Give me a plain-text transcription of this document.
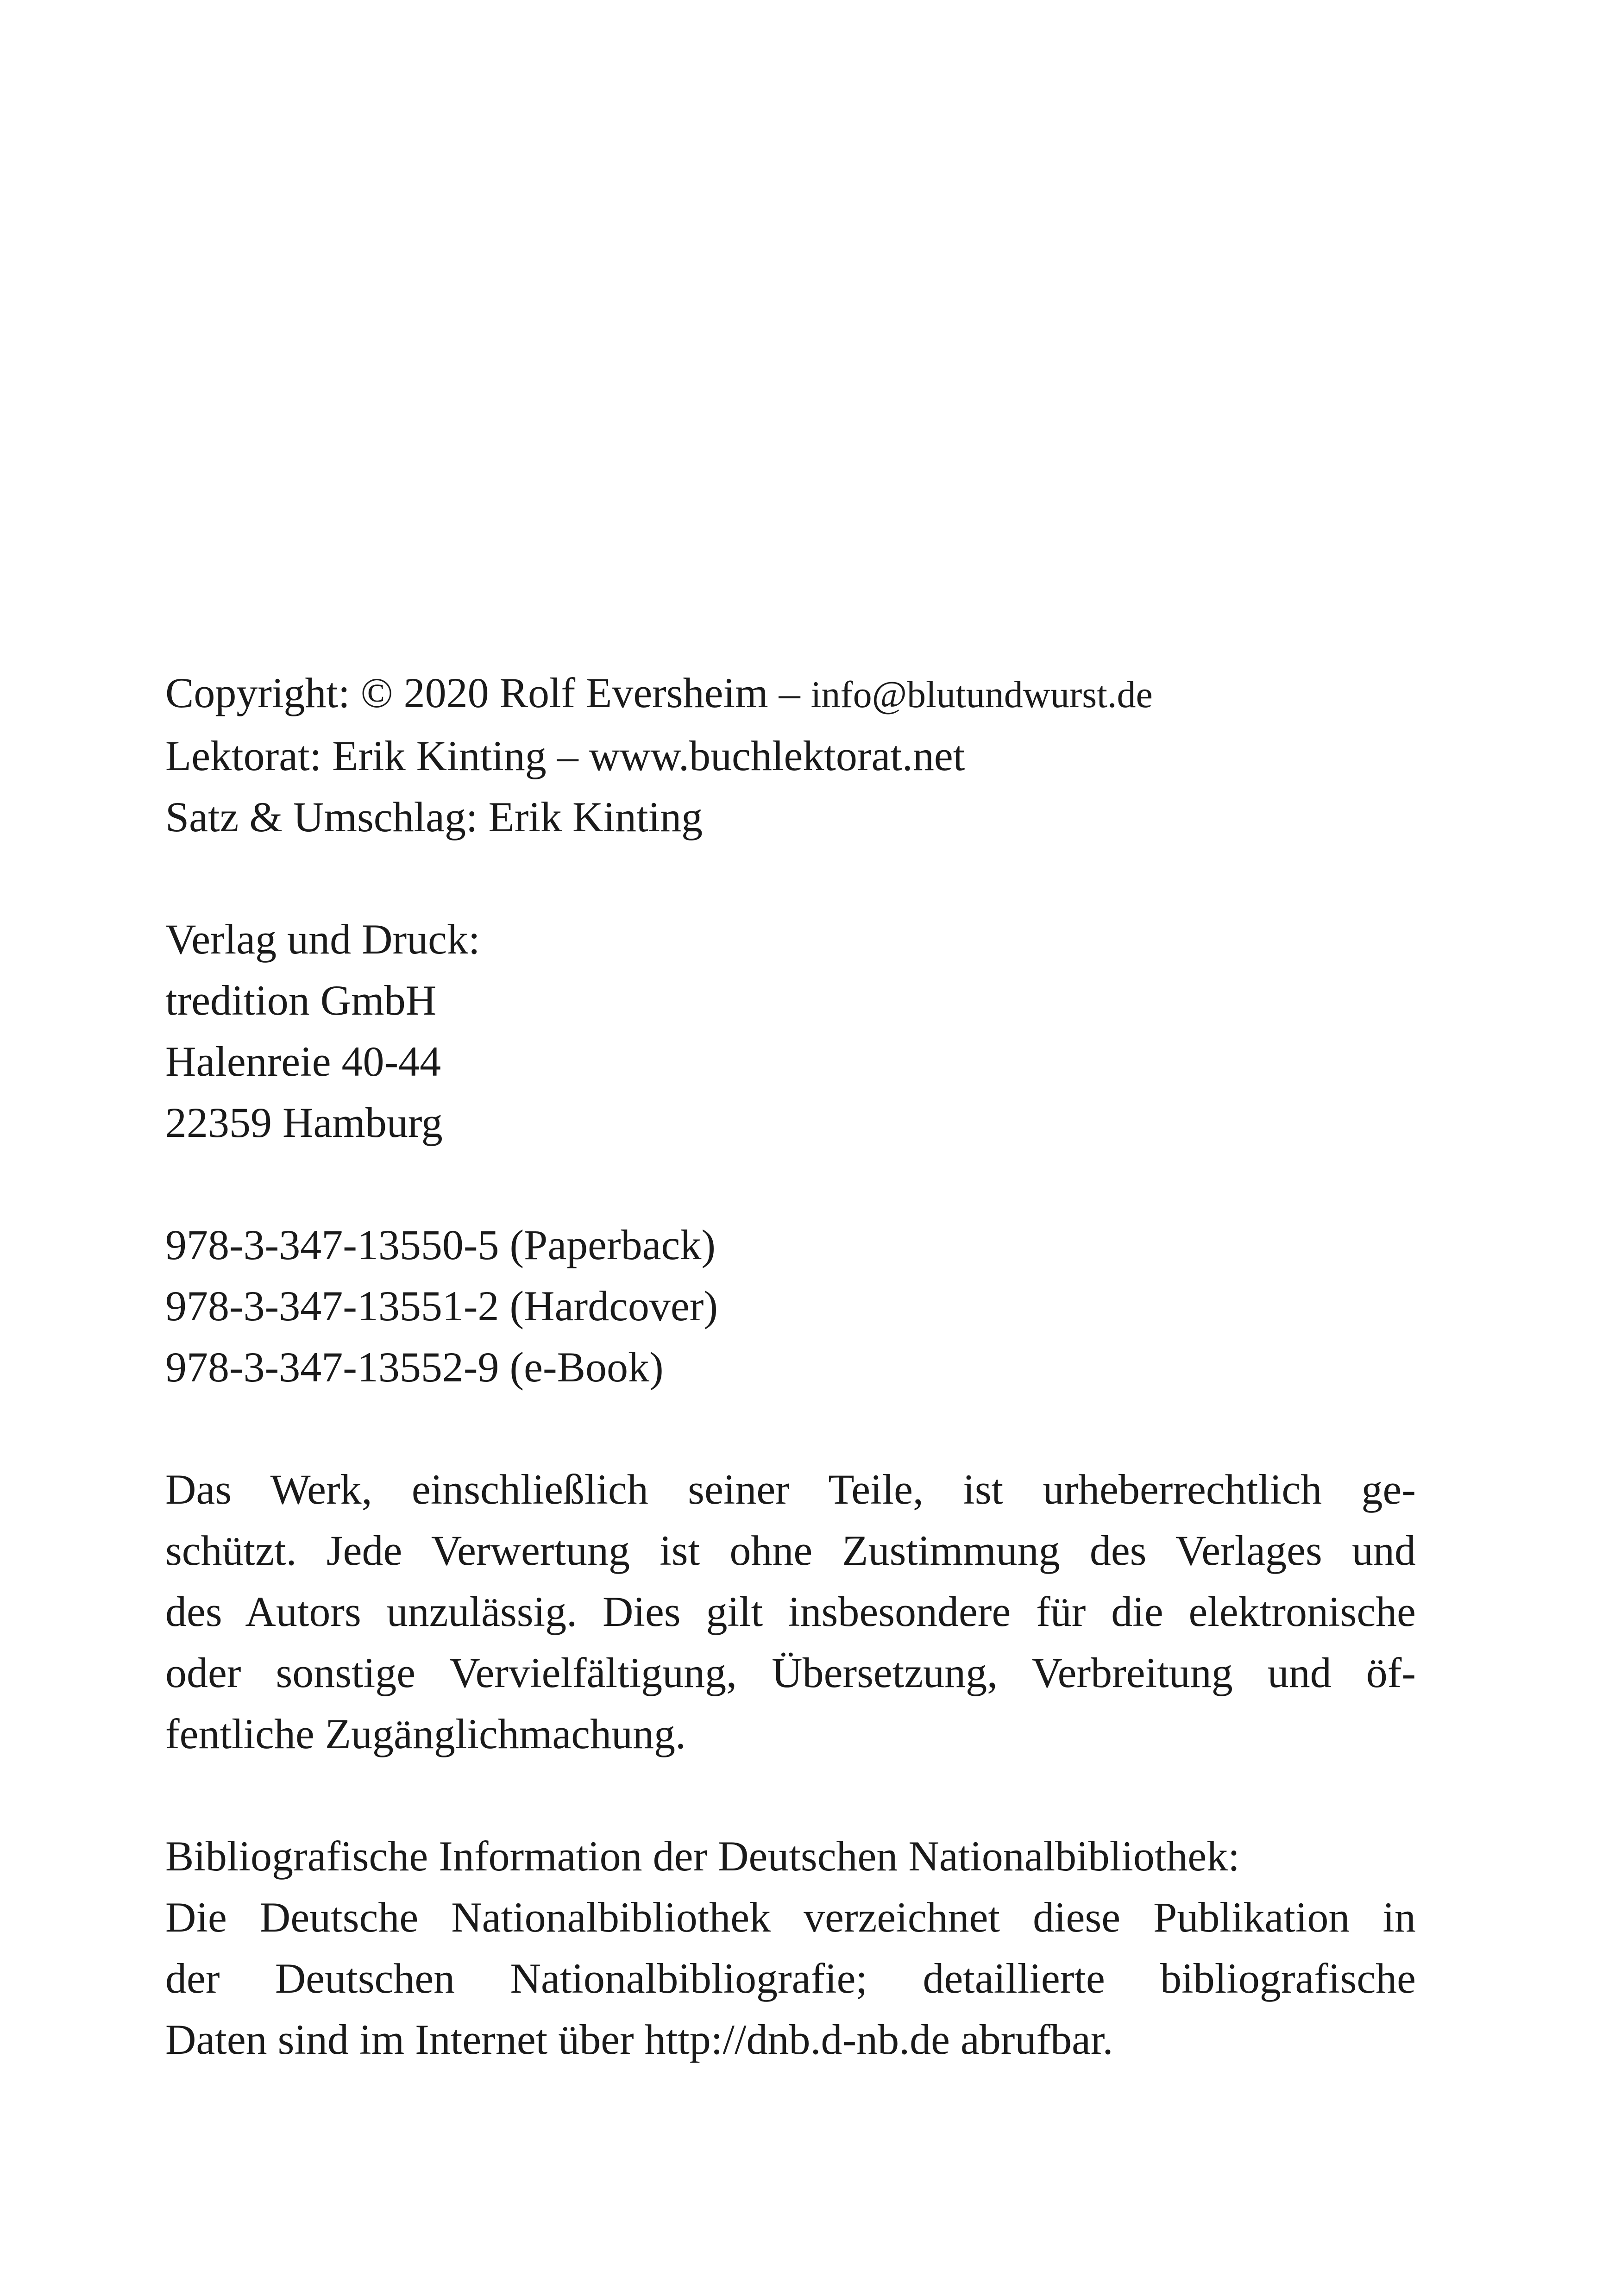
Copyright: © 2020 Rolf Eversheim – info@blutundwurst.de
Lektorat: Erik Kinting – www.buchlektorat.net
Satz & Umschlag: Erik Kinting
Verlag und Druck:
tredition GmbH
Halenreie 40-44
22359 Hamburg
978-3-347-13550-5 (Paperback)
978-3-347-13551-2 (Hardcover)
978-3-347-13552-9 (e-Book)
Das Werk, einschließlich seiner Teile, ist urheberrechtlich ge-
schützt. Jede Verwertung ist ohne Zustimmung des Verlages und
des Autors unzulässig. Dies gilt insbesondere für die elektronische
oder sonstige Vervielfältigung, Übersetzung, Verbreitung und öf-
fentliche Zugänglichmachung.
Bibliografische Information der Deutschen Nationalbibliothek:
Die Deutsche Nationalbibliothek verzeichnet diese Publikation in
der Deutschen Nationalbibliografie; detaillierte bibliografische
Daten sind im Internet über http://dnb.d-nb.de abrufbar.
